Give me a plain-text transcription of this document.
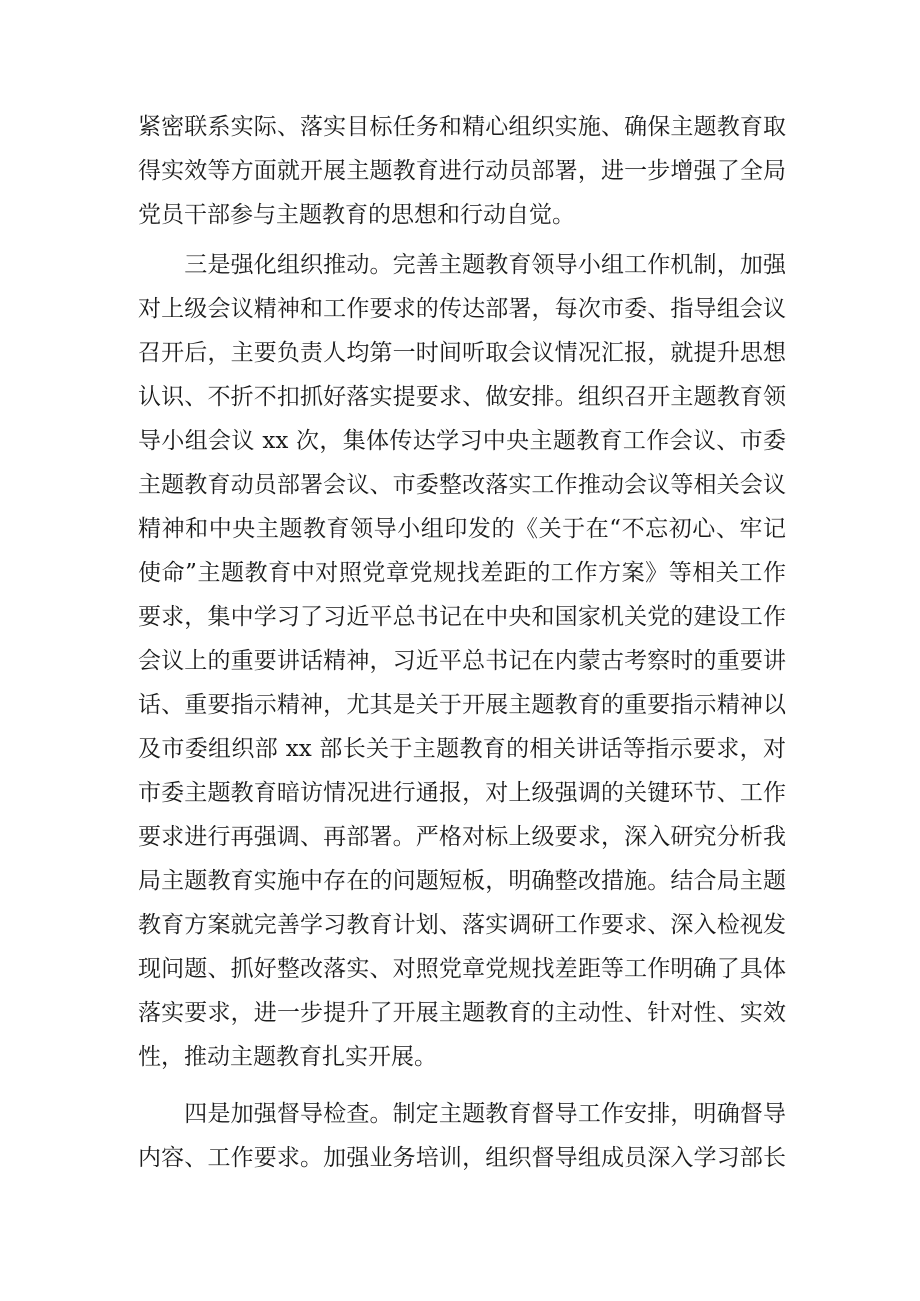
紧密联系实际、落实目标任务和精心组织实施、确保主题教育取
得实效等方面就开展主题教育进行动员部署，进一步增强了全局
党员干部参与主题教育的思想和行动自觉。
　　三是强化组织推动。完善主题教育领导小组工作机制，加强
对上级会议精神和工作要求的传达部署，每次市委、指导组会议
召开后，主要负责人均第一时间听取会议情况汇报，就提升思想
认识、不折不扣抓好落实提要求、做安排。组织召开主题教育领
导小组会议 xx 次，集体传达学习中央主题教育工作会议、市委
主题教育动员部署会议、市委整改落实工作推动会议等相关会议
精神和中央主题教育领导小组印发的《关于在“不忘初心、牢记
使命”主题教育中对照党章党规找差距的工作方案》等相关工作
要求，集中学习了习近平总书记在中央和国家机关党的建设工作
会议上的重要讲话精神，习近平总书记在内蒙古考察时的重要讲
话、重要指示精神，尤其是关于开展主题教育的重要指示精神以
及市委组织部 xx 部长关于主题教育的相关讲话等指示要求，对
市委主题教育暗访情况进行通报，对上级强调的关键环节、工作
要求进行再强调、再部署。严格对标上级要求，深入研究分析我
局主题教育实施中存在的问题短板，明确整改措施。结合局主题
教育方案就完善学习教育计划、落实调研工作要求、深入检视发
现问题、抓好整改落实、对照党章党规找差距等工作明确了具体
落实要求，进一步提升了开展主题教育的主动性、针对性、实效
性，推动主题教育扎实开展。
　　四是加强督导检查。制定主题教育督导工作安排，明确督导
内容、工作要求。加强业务培训，组织督导组成员深入学习部长
